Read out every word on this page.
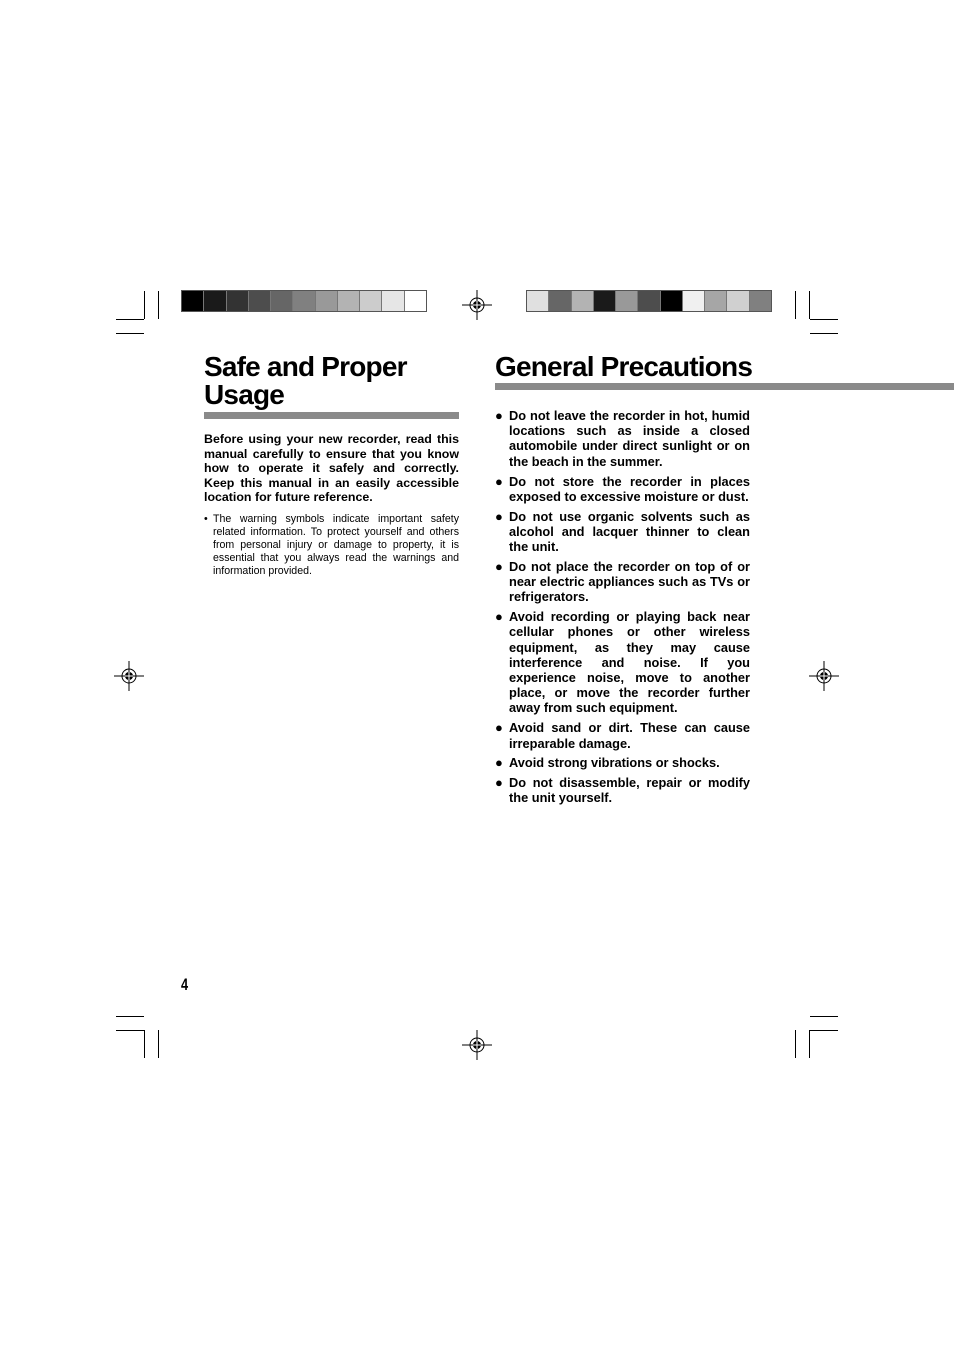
Safe and Proper
Usage

Before using your new recorder, read this manual carefully to ensure that you know how to operate it safely and correctly. Keep this manual in an easily accessible location for future reference.

• The warning symbols indicate important safety related information. To protect yourself and others from personal injury or damage to property, it is essential that you always read the warnings and information provided.

General Precautions
● Do not leave the recorder in hot, humid locations such as inside a closed automobile under direct sunlight or on the beach in the summer.
● Do not store the recorder in places exposed to excessive moisture or dust.
● Do not use organic solvents such as alcohol and lacquer thinner to clean the unit.
● Do not place the recorder on top of or near electric appliances such as TVs or refrigerators.
● Avoid recording or playing back near cellular phones or other wireless equipment, as they may cause interference and noise. If you experience noise, move to another place, or move the recorder further away from such equipment.
● Avoid sand or dirt. These can cause irreparable damage.
● Avoid strong vibrations or shocks.
● Do not disassemble, repair or modify the unit yourself.
4
